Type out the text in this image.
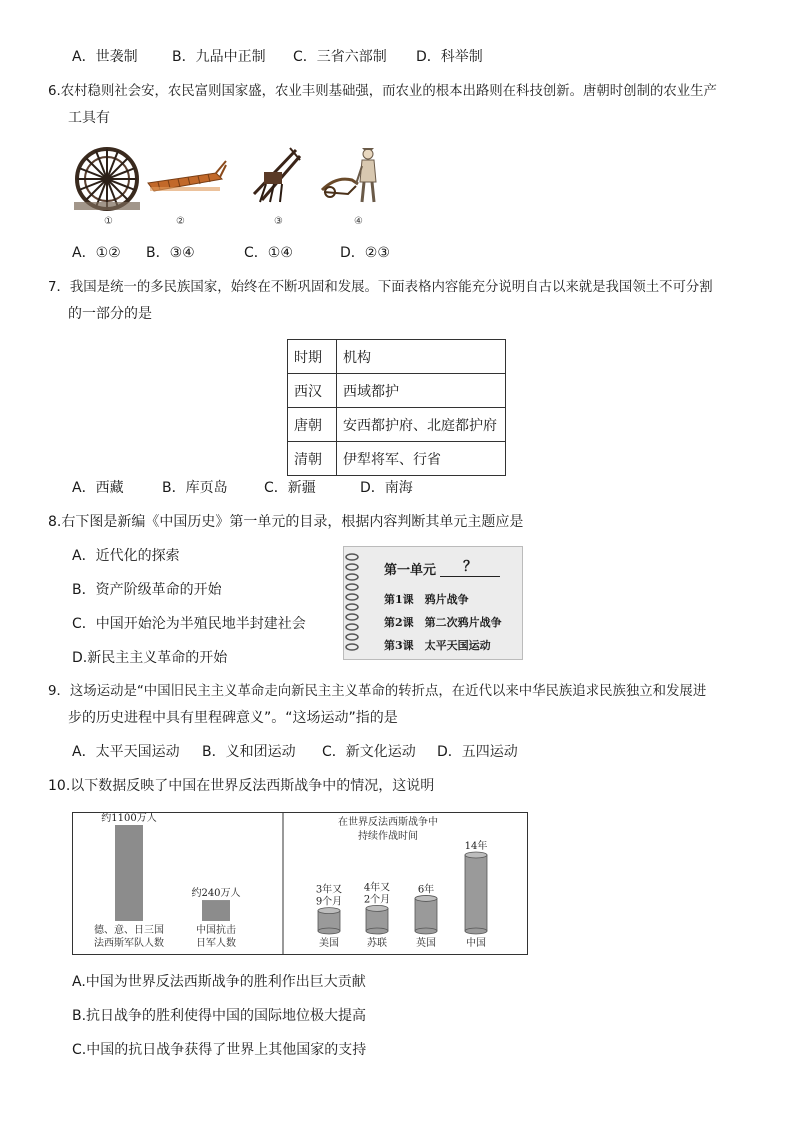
A．世袭制 B．九品中正制 C．三省六部制 D．科举制
6.农村稳则社会安，农民富则国家盛，农业丰则基础强，而农业的根本出路则在科技创新。唐朝时创制的农业生产
工具有
①	②	③	④
A．①② B．③④	C．①④	D．②③
7．我国是统一的多民族国家，始终在不断巩固和发展。下面表格内容能充分说明自古以来就是我国领土不可分割
的一部分的是
时期	机构
西汉	西域都护
唐朝	安西都护府、北庭都护府
清朝	伊犁将军、行省
A．西藏	B．库页岛	C．新疆	D．南海
8.右下图是新编《中国历史》第一单元的目录，根据内容判断其单元主题应是
A．近代化的探索
B．资产阶级革命的开始
C．中国开始沦为半殖民地半封建社会
D.新民主主义革命的开始
第一单元	？
第1课　鸦片战争
第2课　第二次鸦片战争
第3课　太平天国运动
9．这场运动是“中国旧民主主义革命走向新民主主义革命的转折点，在近代以来中华民族追求民族独立和发展进
步的历史进程中具有里程碑意义”。“这场运动”指的是
A．太平天国运动 B．义和团运动 C．新文化运动 D．五四运动
10.以下数据反映了中国在世界反法西斯战争中的情况，这说明
约1100万人
德、意、日三国
法西斯军队人数
约240万人
中国抗击
日军人数
在世界反法西斯战争中
持续作战时间
3年又
9个月
美国
4年又
2个月
苏联
6年
英国
14年
中国
A.中国为世界反法西斯战争的胜利作出巨大贡献
B.抗日战争的胜利使得中国的国际地位极大提高
C.中国的抗日战争获得了世界上其他国家的支持
